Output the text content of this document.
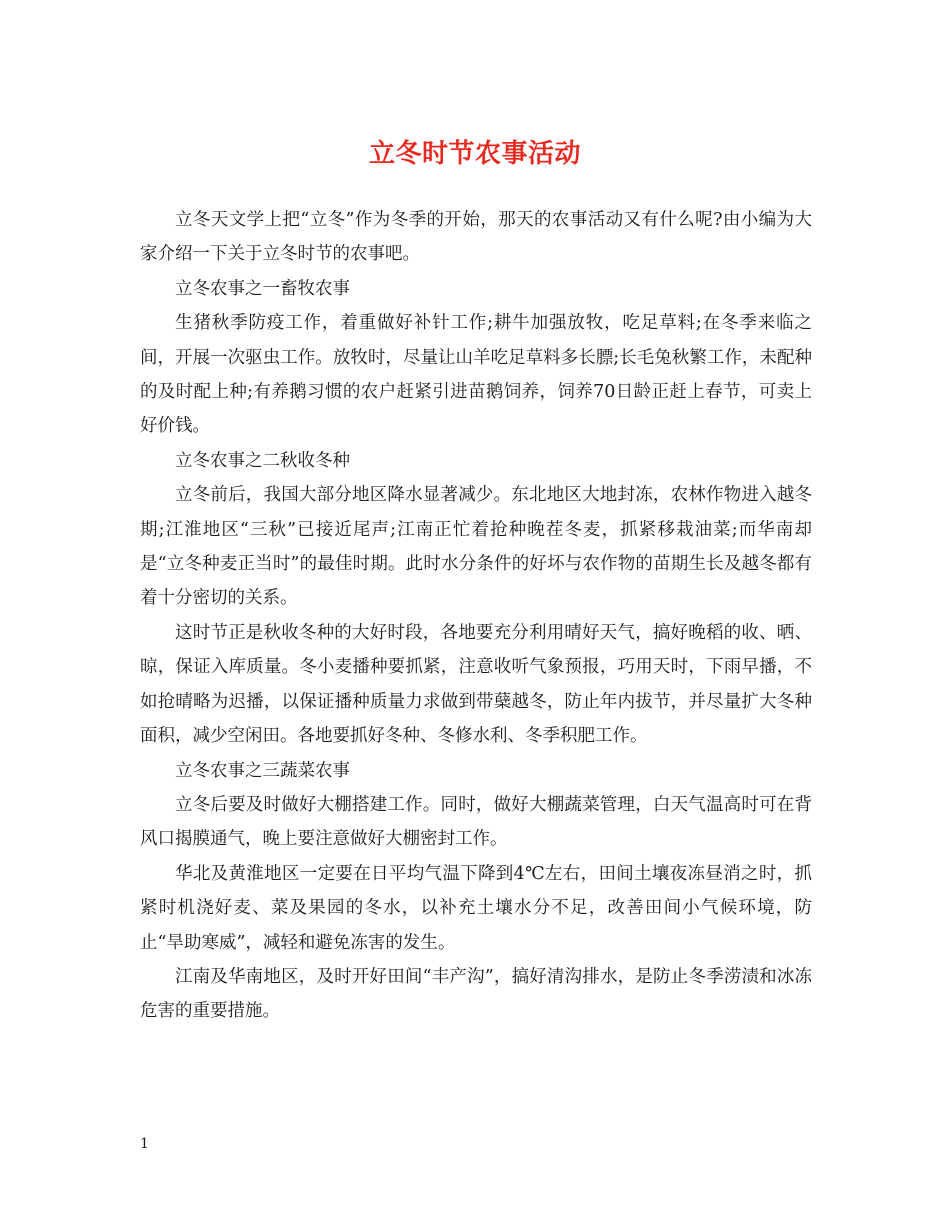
立冬时节农事活动

立冬天文学上把“立冬”作为冬季的开始，那天的农事活动又有什么呢?由小编为大家介绍一下关于立冬时节的农事吧。

立冬农事之一畜牧农事

生猪秋季防疫工作，着重做好补针工作;耕牛加强放牧，吃足草料;在冬季来临之间，开展一次驱虫工作。放牧时，尽量让山羊吃足草料多长膘;长毛兔秋繁工作，未配种的及时配上种;有养鹅习惯的农户赶紧引进苗鹅饲养，饲养70日龄正赶上春节，可卖上好价钱。

立冬农事之二秋收冬种

立冬前后，我国大部分地区降水显著减少。东北地区大地封冻，农林作物进入越冬期;江淮地区“三秋”已接近尾声;江南正忙着抢种晚茬冬麦，抓紧移栽油菜;而华南却是“立冬种麦正当时”的最佳时期。此时水分条件的好坏与农作物的苗期生长及越冬都有着十分密切的关系。

这时节正是秋收冬种的大好时段，各地要充分利用晴好天气，搞好晚稻的收、晒、晾，保证入库质量。冬小麦播种要抓紧，注意收听气象预报，巧用天时，下雨早播，不如抢晴略为迟播，以保证播种质量力求做到带蘖越冬，防止年内拔节，并尽量扩大冬种面积，减少空闲田。各地要抓好冬种、冬修水利、冬季积肥工作。

立冬农事之三蔬菜农事

立冬后要及时做好大棚搭建工作。同时，做好大棚蔬菜管理，白天气温高时可在背风口揭膜通气，晚上要注意做好大棚密封工作。

华北及黄淮地区一定要在日平均气温下降到4℃左右，田间土壤夜冻昼消之时，抓紧时机浇好麦、菜及果园的冬水，以补充土壤水分不足，改善田间小气候环境，防止“旱助寒威”，减轻和避免冻害的发生。

江南及华南地区，及时开好田间“丰产沟”，搞好清沟排水，是防止冬季涝渍和冰冻危害的重要措施。

1
